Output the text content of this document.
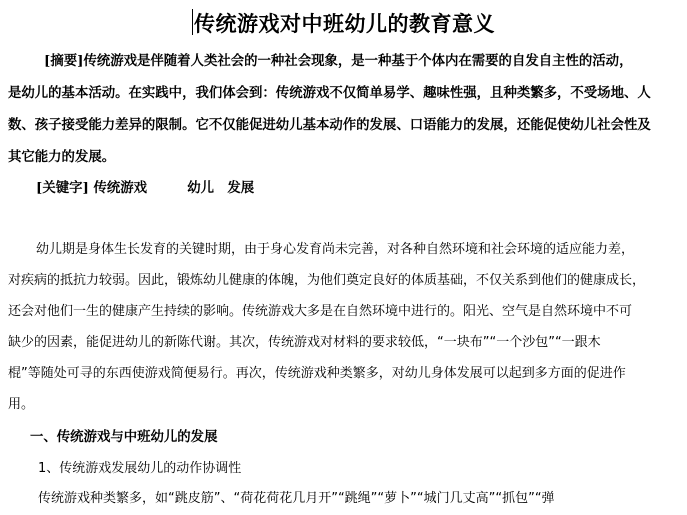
传统游戏对中班幼儿的教育意义
[摘要]传统游戏是伴随着人类社会的一种社会现象，是一种基于个体内在需要的自发自主性的活动，
是幼儿的基本活动。在实践中，我们体会到：传统游戏不仅简单易学、趣味性强，且种类繁多，不受场地、人
数、孩子接受能力差异的限制。它不仅能促进幼儿基本动作的发展、口语能力的发展，还能促使幼儿社会性及
其它能力的发展。
[关键字] 传统游戏　　　幼儿　发展
幼儿期是身体生长发育的关键时期，由于身心发育尚未完善，对各种自然环境和社会环境的适应能力差，
对疾病的抵抗力较弱。因此，锻炼幼儿健康的体魄，为他们奠定良好的体质基础，不仅关系到他们的健康成长，
还会对他们一生的健康产生持续的影响。传统游戏大多是在自然环境中进行的。阳光、空气是自然环境中不可
缺少的因素，能促进幼儿的新陈代谢。其次，传统游戏对材料的要求较低，“一块布”“一个沙包”“一跟木
棍”等随处可寻的东西使游戏简便易行。再次，传统游戏种类繁多，对幼儿身体发展可以起到多方面的促进作
用。
一、传统游戏与中班幼儿的发展
1、传统游戏发展幼儿的动作协调性
传统游戏种类繁多，如“跳皮筋”、“荷花荷花几月开”“跳绳”“萝卜”“城门几丈高”“抓包”“弹
